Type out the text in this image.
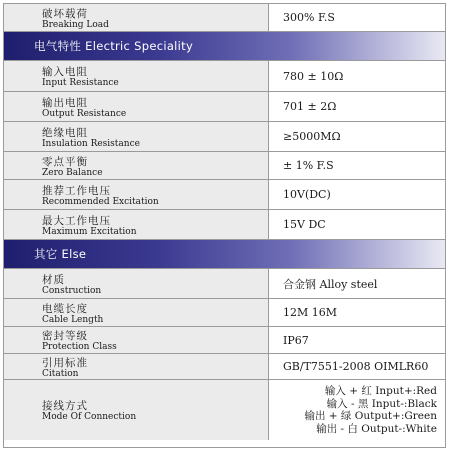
破坏载荷
Breaking Load
300% F.S
电气特性 Electric Speciality
输入电阻
Input Resistance
780 ± 10Ω
输出电阻
Output Resistance
701 ± 2Ω
绝缘电阻
Insulation Resistance
≥5000MΩ
零点平衡
Zero Balance
± 1% F.S
推荐工作电压
Recommended Excitation
10V(DC)
最大工作电压
Maximum Excitation
15V DC
其它 Else
材质
Construction	合金钢 Alloy steel
电缆长度
Cable Length
12M 16M
密封等级
Protection Class
IP67
引用标准
Citation
GB/T7551-2008 OIMLR60
接线方式
Mode Of Connection
输入 + 红 Input+:Red
输入 - 黑 Input-:Black
输出 + 绿 Output+:Green
输出 - 白 Output-:White
